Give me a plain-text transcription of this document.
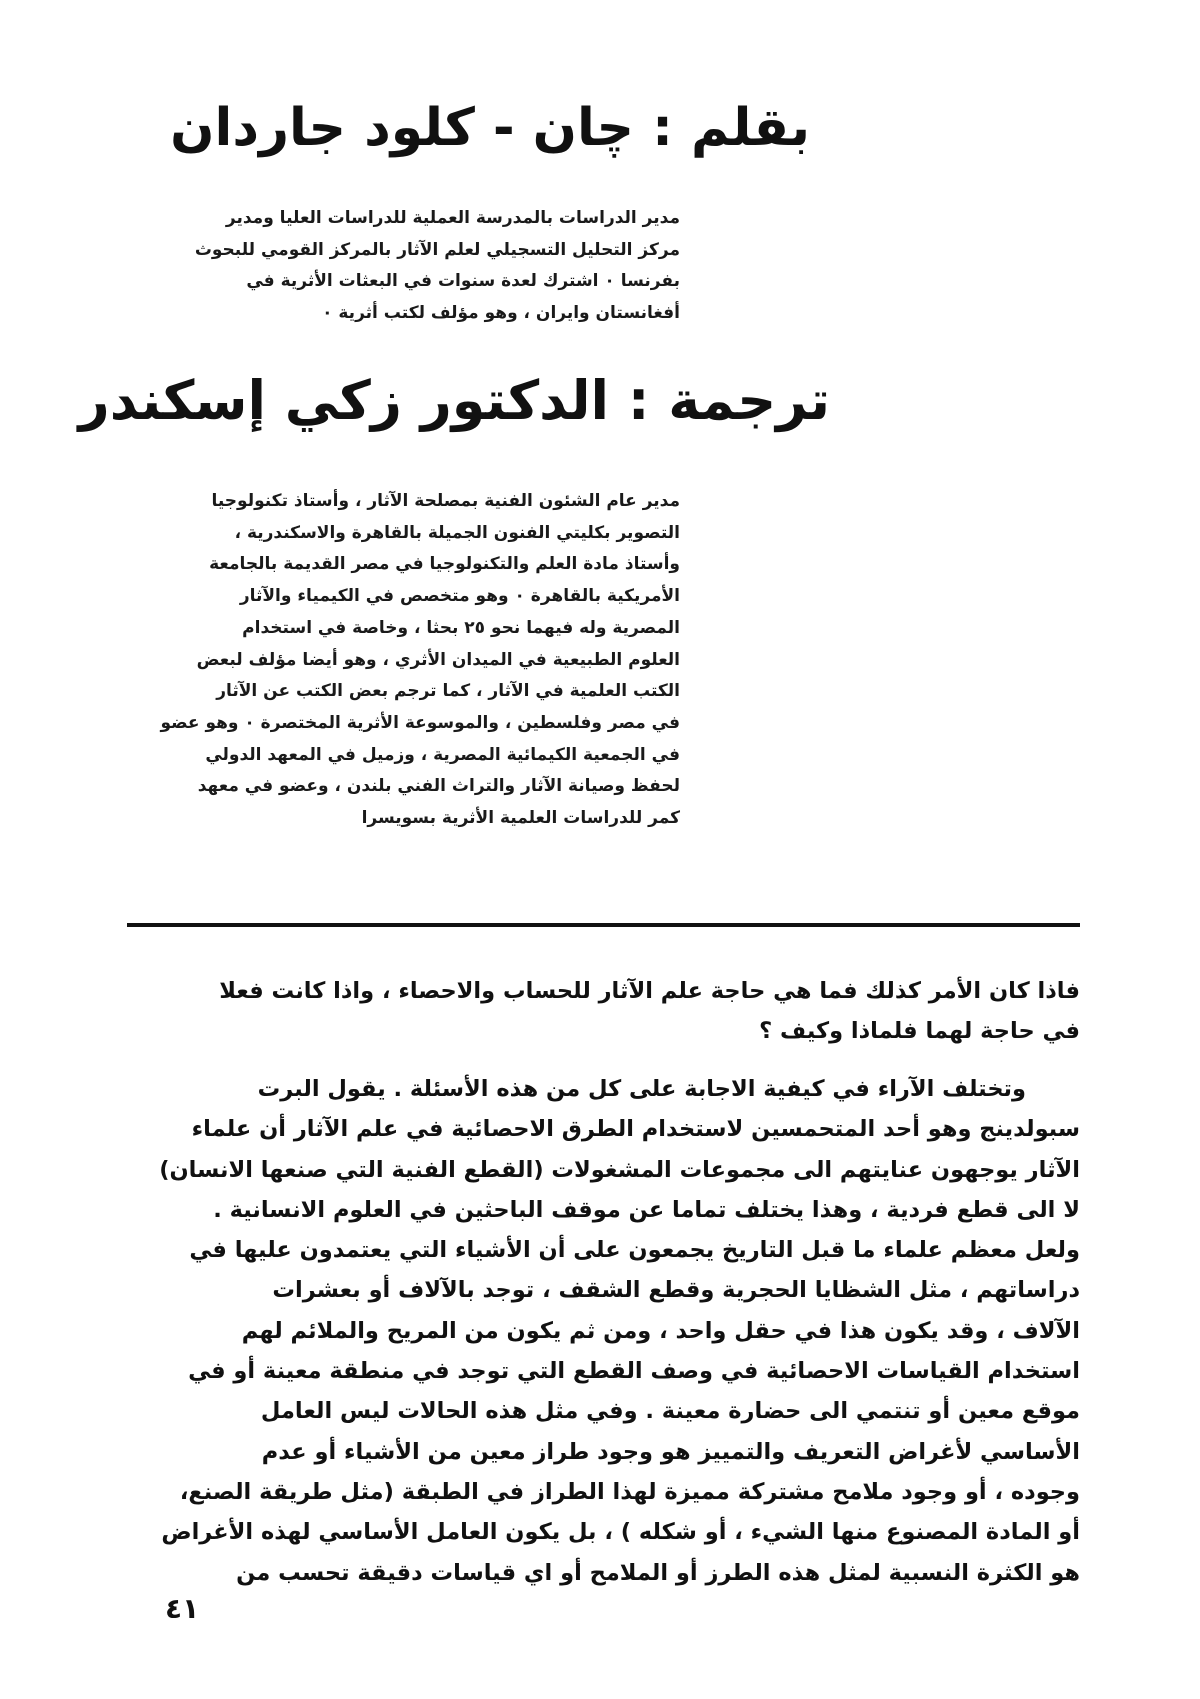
بقلم : چان - كلود جاردان

مدير الدراسات بالمدرسة العملية للدراسات العليا ومدير

مركز التحليل التسجيلي لعلم الآثار بالمركز القومي للبحوث

بفرنسا ٠ اشترك لعدة سنوات في البعثات الأثرية في

أفغانستان وايران ، وهو مؤلف لكتب أثرية ٠

ترجمة : الدكتور زكي إسكندر

مدير عام الشئون الفنية بمصلحة الآثار ، وأستاذ تكنولوجيا

التصوير بكليتي الفنون الجميلة بالقاهرة والاسكندرية ،

وأستاذ مادة العلم والتكنولوجيا في مصر القديمة بالجامعة

الأمريكية بالقاهرة ٠ وهو متخصص في الكيمياء والآثار

المصرية وله فيهما نحو ٢٥ بحثا ، وخاصة في استخدام

العلوم الطبيعية في الميدان الأثري ، وهو أيضا مؤلف لبعض

الكتب العلمية في الآثار ، كما ترجم بعض الكتب عن الآثار

في مصر وفلسطين ، والموسوعة الأثرية المختصرة ٠ وهو عضو

في الجمعية الكيمائية المصرية ، وزميل في المعهد الدولي

لحفظ وصيانة الآثار والتراث الفني بلندن ، وعضو في معهد

كمر للدراسات العلمية الأثرية بسويسرا

فاذا كان الأمر كذلك فما هي حاجة علم الآثار للحساب والاحصاء ، واذا كانت فعلا

في حاجة لهما فلماذا وكيف ؟

وتختلف الآراء في كيفية الاجابة على كل من هذه الأسئلة . يقول البرت

سبولدينج وهو أحد المتحمسين لاستخدام الطرق الاحصائية في علم الآثار أن علماء

الآثار يوجهون عنايتهم الى مجموعات المشغولات (القطع الفنية التي صنعها الانسان)

لا الى قطع فردية ، وهذا يختلف تماما عن موقف الباحثين في العلوم الانسانية .

ولعل معظم علماء ما قبل التاريخ يجمعون على أن الأشياء التي يعتمدون عليها في

دراساتهم ، مثل الشظايا الحجرية وقطع الشقف ، توجد بالآلاف أو بعشرات

الآلاف ، وقد يكون هذا في حقل واحد ، ومن ثم يكون من المريح والملائم لهم

استخدام القياسات الاحصائية في وصف القطع التي توجد في منطقة معينة أو في

موقع معين أو تنتمي الى حضارة معينة . وفي مثل هذه الحالات ليس العامل

الأساسي لأغراض التعريف والتمييز هو وجود طراز معين من الأشياء أو عدم

وجوده ، أو وجود ملامح مشتركة مميزة لهذا الطراز في الطبقة (مثل طريقة الصنع،

أو المادة المصنوع منها الشيء ، أو شكله ) ، بل يكون العامل الأساسي لهذه الأغراض

هو الكثرة النسبية لمثل هذه الطرز أو الملامح أو اي قياسات دقيقة تحسب من

٤١
